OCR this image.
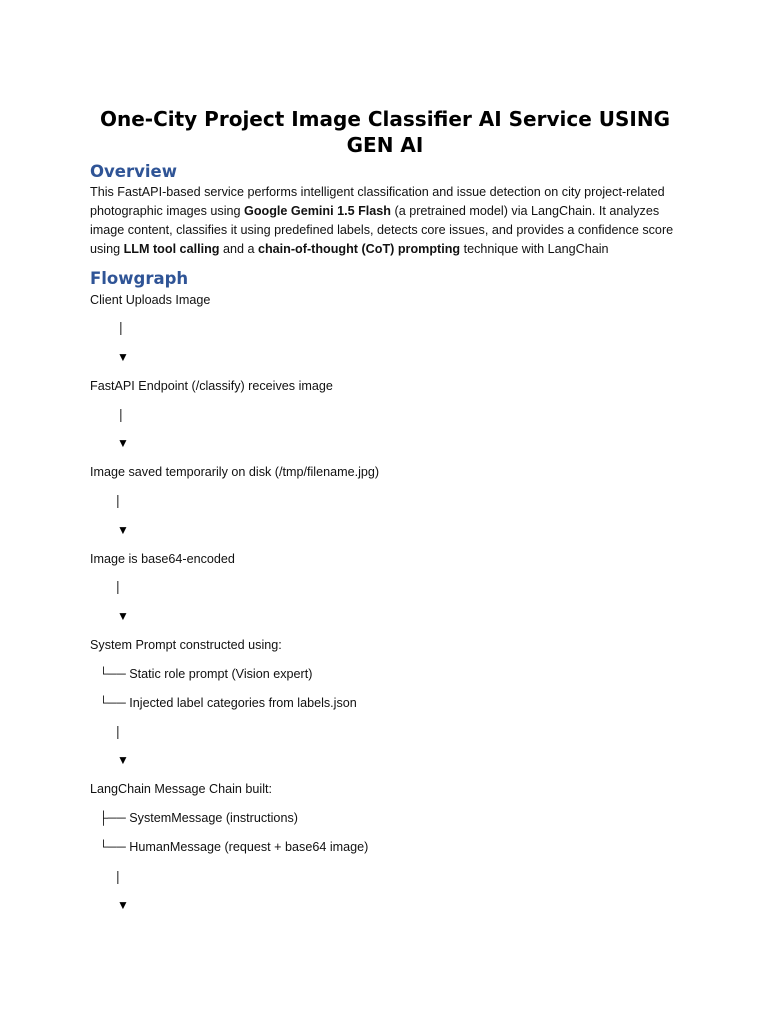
One-City Project Image Classifier AI Service USING GEN AI
Overview

This FastAPI-based service performs intelligent classification and issue detection on city project-related photographic images using Google Gemini 1.5 Flash (a pretrained model) via LangChain. It analyzes image content, classifies it using predefined labels, detects core issues, and provides a confidence score using LLM tool calling and a chain-of-thought (CoT) prompting technique with LangChain

Flowgraph
Client Uploads Image
|
▼
FastAPI Endpoint (/classify) receives image
|
▼
Image saved temporarily on disk (/tmp/filename.jpg)
|
▼
Image is base64-encoded
|
▼
System Prompt constructed using:
└── Static role prompt (Vision expert)
└── Injected label categories from labels.json
|
▼
LangChain Message Chain built:
├── SystemMessage (instructions)
└── HumanMessage (request + base64 image)
|
▼
